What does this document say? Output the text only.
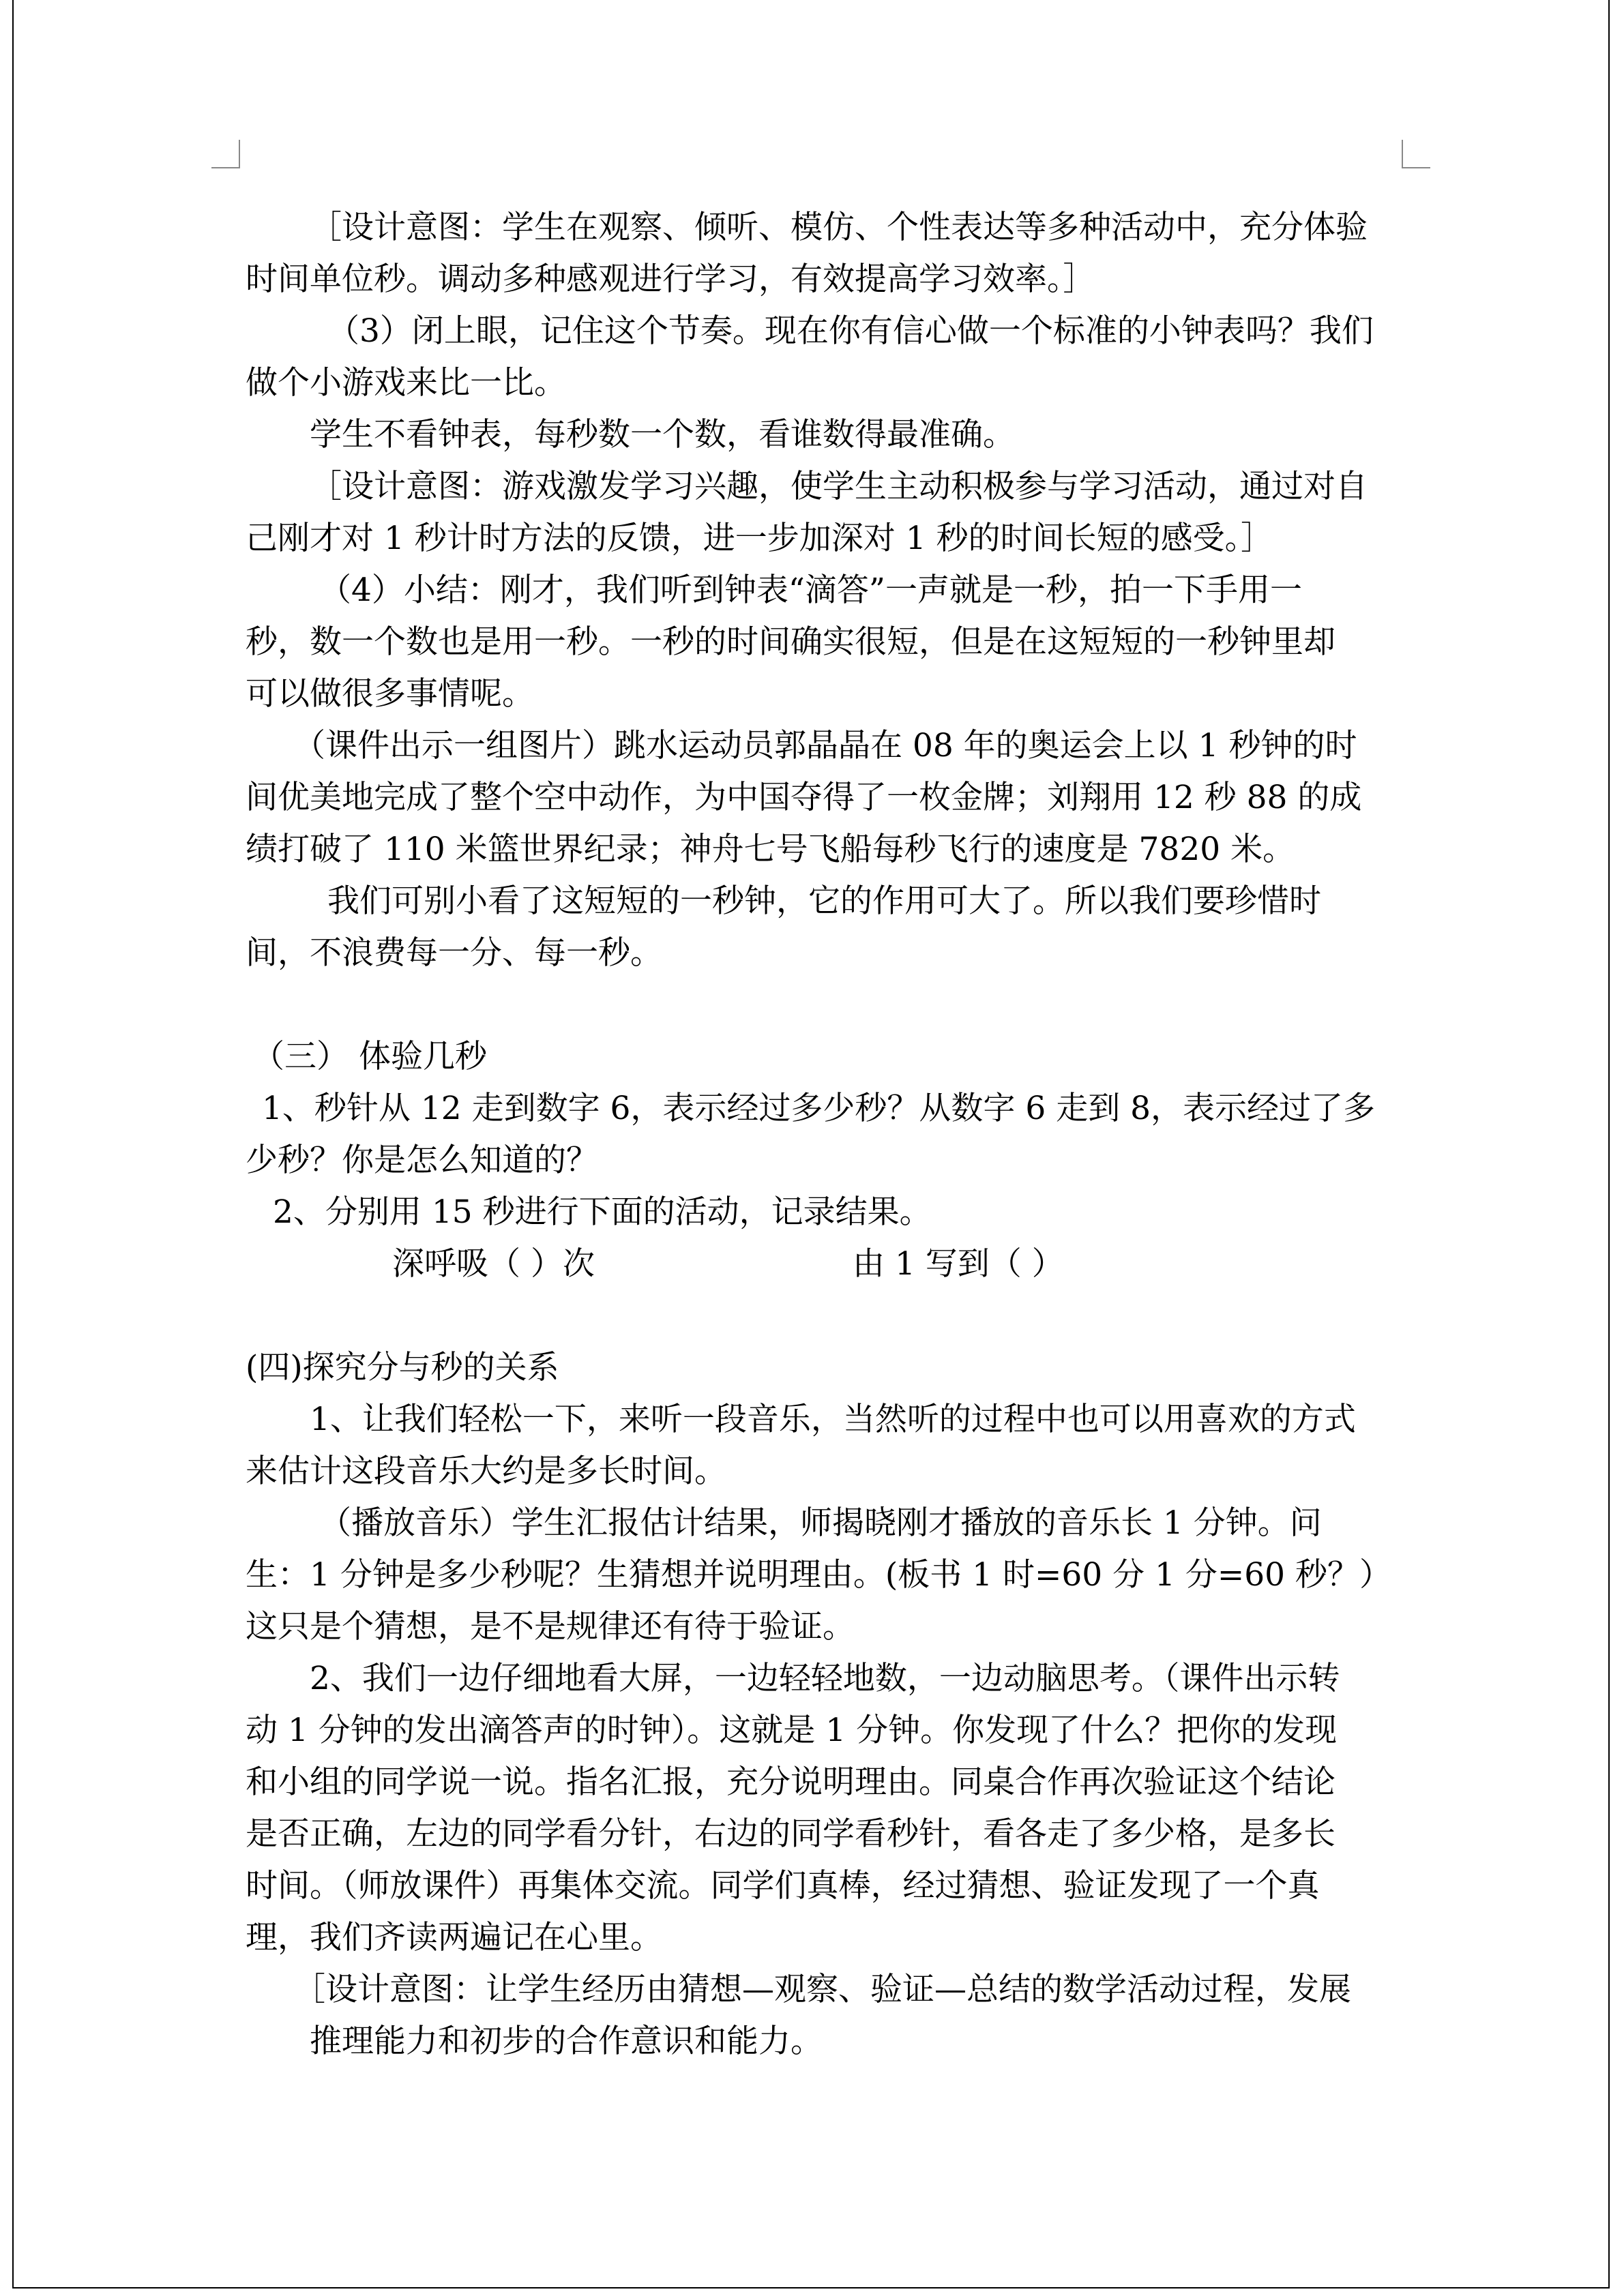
［设计意图：学生在观察、倾听、模仿、个性表达等多种活动中，充分体验
时间单位秒。调动多种感观进行学习，有效提高学习效率。］
（3）闭上眼，记住这个节奏。现在你有信心做一个标准的小钟表吗？我们
做个小游戏来比一比。
学生不看钟表，每秒数一个数，看谁数得最准确。
［设计意图：游戏激发学习兴趣，使学生主动积极参与学习活动，通过对自
己刚才对 1 秒计时方法的反馈，进一步加深对 1 秒的时间长短的感受。］
（4）小结：刚才，我们听到钟表“滴答”一声就是一秒，拍一下手用一
秒，数一个数也是用一秒。一秒的时间确实很短，但是在这短短的一秒钟里却
可以做很多事情呢。
（课件出示一组图片）跳水运动员郭晶晶在 08 年的奥运会上以 1 秒钟的时
间优美地完成了整个空中动作，为中国夺得了一枚金牌；刘翔用 12 秒 88 的成
绩打破了 110 米篮世界纪录；神舟七号飞船每秒飞行的速度是 7820 米。
我们可别小看了这短短的一秒钟，它的作用可大了。所以我们要珍惜时
间，不浪费每一分、每一秒。
（三） 体验几秒
1、秒针从 12 走到数字 6，表示经过多少秒？从数字 6 走到 8，表示经过了多
少秒？你是怎么知道的？
2、分别用 15 秒进行下面的活动，记录结果。
深呼吸（ ）次	由 1 写到（ ）
(四)探究分与秒的关系
1、让我们轻松一下，来听一段音乐，当然听的过程中也可以用喜欢的方式
来估计这段音乐大约是多长时间。
（播放音乐）学生汇报估计结果，师揭晓刚才播放的音乐长 1 分钟。问
生：1 分钟是多少秒呢？生猜想并说明理由。(板书 1 时=60 分 1 分=60 秒？）
这只是个猜想，是不是规律还有待于验证。
2、我们一边仔细地看大屏，一边轻轻地数，一边动脑思考。（课件出示转
动 1 分钟的发出滴答声的时钟）。这就是 1 分钟。你发现了什么？把你的发现
和小组的同学说一说。指名汇报，充分说明理由。同桌合作再次验证这个结论
是否正确，左边的同学看分针，右边的同学看秒针，看各走了多少格，是多长
时间。（师放课件）再集体交流。同学们真棒，经过猜想、验证发现了一个真
理，我们齐读两遍记在心里。
［设计意图：让学生经历由猜想—观察、验证—总结的数学活动过程，发展
推理能力和初步的合作意识和能力。
